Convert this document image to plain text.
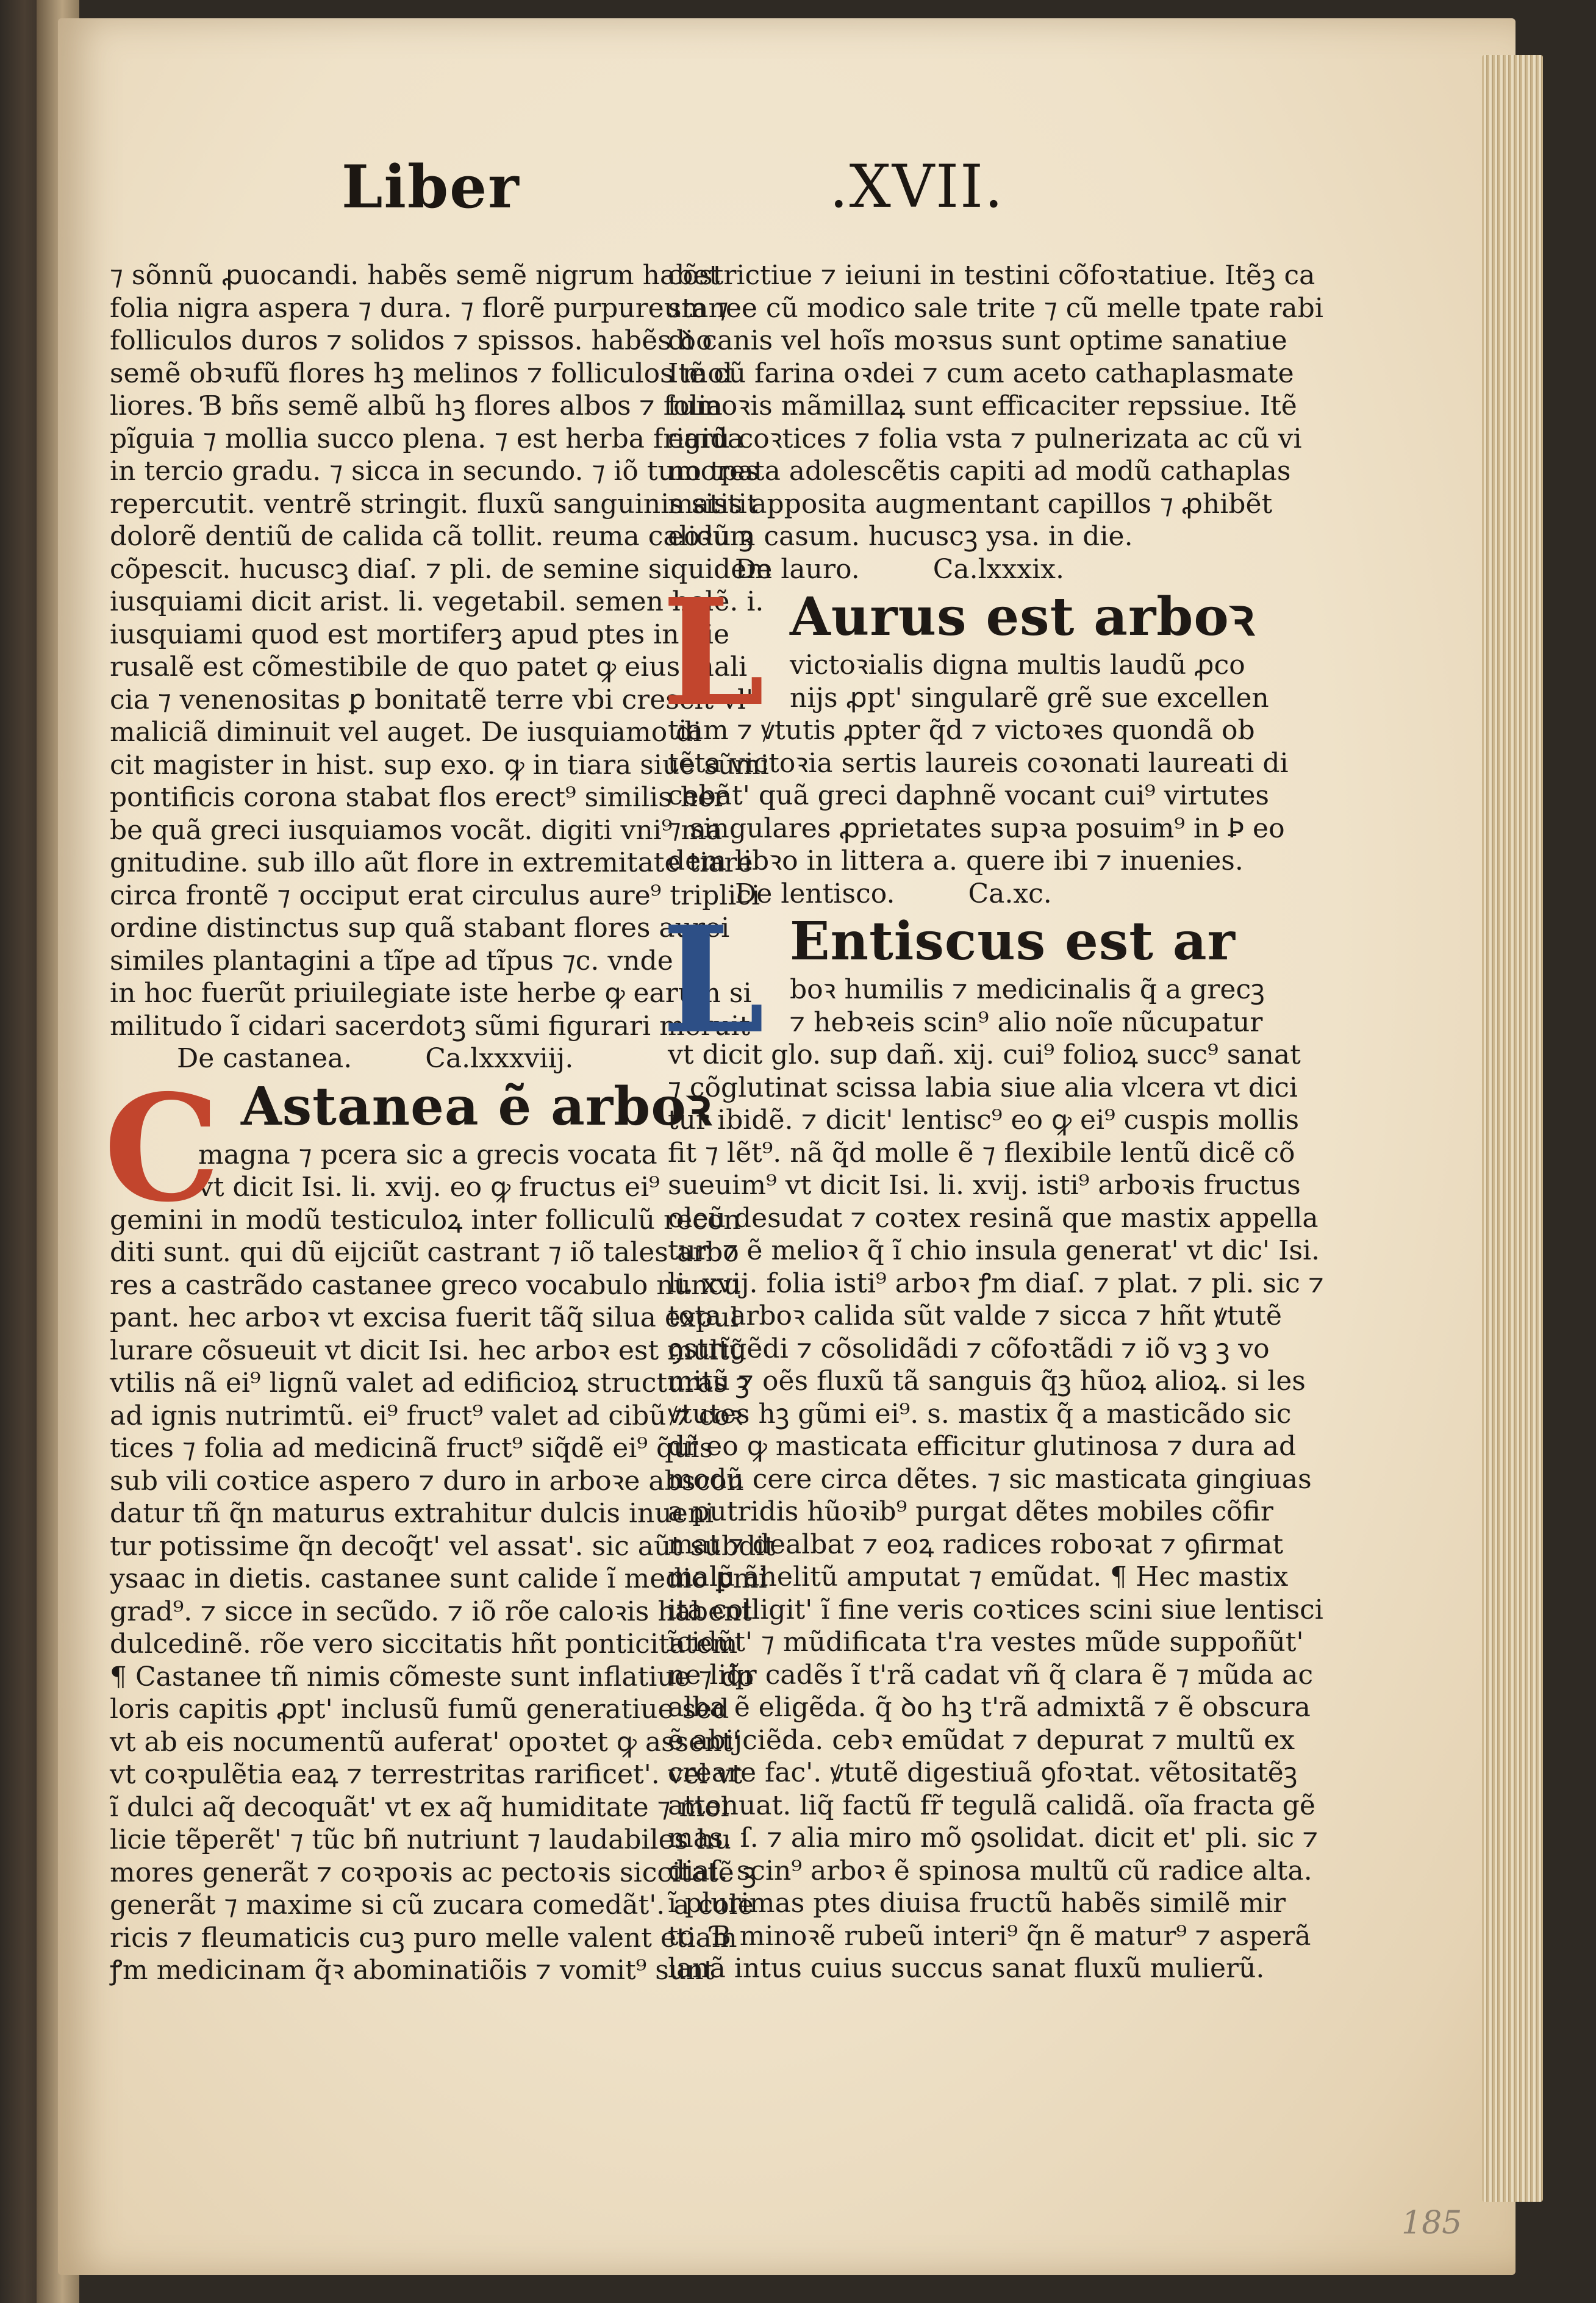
Liber	.XVII.
⁊ sõnnũ ꝓuocandi. habẽs semẽ nigrum habet
folia nigra aspera ⁊ dura. ⁊ florẽ purpureum ⁊
folliculos duros ⁊ solidos ⁊ spissos. habẽs ꝺo
semẽ obꝛufũ flores hꝫ melinos ⁊ folliculos mol
liores. Ɓ bñs semẽ albũ hꝫ flores albos ⁊ folia
pĩguia ⁊ mollia succo plena. ⁊ est herba frigida
in tercio gradu. ⁊ sicca in secundo. ⁊ iõ tumores
repercutit. ventrẽ stringit. fluxũ sanguinis sistit
dolorẽ dentiũ de calida cã tollit. reuma calidũ ꝫ
cõpescit. hucuscꝫ diaſ. ⁊ pli. de semine siquidem
iusquiami dicit arist. li. vegetabil. semen helẽ. i.
iusquiami quod est mortiferꝫ apud ptes in hie
rusalẽ est cõmestibile de quo patet ꝙ eius mali
cia ⁊ venenositas ꝑ bonitatẽ terre vbi crescit vl'
maliciã diminuit vel auget. De iusquiamo di
cit magister in hist. sup exo. ꝙ in tiara siue sũmi
pontificis corona stabat flos erect⁹ similis her
be quã greci iusquiamos vocãt. digiti vni⁹ ma
gnitudine. sub illo aũt flore in extremitate tiare
circa frontẽ ⁊ occiput erat circulus aure⁹ triplici
ordine distinctus sup quã stabant flores aurei
similes plantagini a tĩpe ad tĩpus ⁊c. vnde
in hoc fuerũt priuilegiate iste herbe ꝙ earum si
militudo ĩ cidari sacerdotꝫ sũmi figurari meruit
De castanea.	Ca.lxxxviij.
C Astanea ẽ arboꝛ
magna ⁊ pcera sic a grecis vocata
vt dicit Isi. li. xvij. eo ꝙ fructus ei⁹
gemini in modũ testiculoꝝ inter folliculũ recon
diti sunt. qui dũ eijciũt castrant ⁊ iõ tales arbo
res a castrãdo castanee greco vocabulo nuncu
pant. hec arboꝛ vt excisa fuerit tãq̃ silua expul
lurare cõsueuit vt dicit Isi. hec arboꝛ est multũ
vtilis nã ei⁹ lignũ valet ad edificioꝝ structuras ꝫ
ad ignis nutrimtũ. ei⁹ fruct⁹ valet ad cibũ ⁊ coꝛ
tices ⁊ folia ad medicinã fruct⁹ siq̃dẽ ei⁹ q̃uis
sub vili coꝛtice aspero ⁊ duro in arboꝛe abscon
datur tñ q̃n maturus extrahitur dulcis inueni
tur potissime q̃n decoq̃t' vel assat'. sic aũt subdit
ysaac in dietis. castanee sunt calide ĩ medio ꝑmi
grad⁹. ⁊ sicce in secũdo. ⁊ iõ rõe caloꝛis habent
dulcedinẽ. rõe vero siccitatis hñt ponticitatem
¶ Castanee tñ nimis cõmeste sunt inflatiue ⁊ do
loris capitis ꝓpt' inclusũ fumũ generatiue sed
vt ab eis nocumentũ auferat' opoꝛtet ꝙ assent'
vt coꝛpulẽtia eaꝝ ⁊ terrestritas rarificet'. vel vt
ĩ dulci aq̃ decoquãt' vt ex aq̃ humiditate ⁊ mol
licie tẽperẽt' ⁊ tũc bñ nutriunt ⁊ laudabiles hu
mores generãt ⁊ coꝛpoꝛis ac pectoꝛis siccitatẽ ꝫ
generãt ⁊ maxime si cũ zucara comedãt'. a cole
ricis ⁊ fleumaticis cuꝫ puro melle valent etiam
ꝭm medicinam q̃ꝛ abominatiõis ⁊ vomit⁹ sunt
cõstrictiue ⁊ ieiuni in testini cõfoꝛtatiue. Itẽꝫ ca
stanee cũ modico sale trite ⁊ cũ melle tpate rabi
di canis vel hoĩs moꝛsus sunt optime sanatiue
Itẽ cũ farina oꝛdei ⁊ cum aceto cathaplasmate
tumoꝛis mãmillaꝝ sunt efficaciter repssiue. Itẽ
earũ coꝛtices ⁊ folia vsta ⁊ pulnerizata ac cũ vi
no tpata adolescẽtis capiti ad modũ cathaplas
matis apposita augmentant capillos ⁊ ꝓhibẽt
eoꝛum casum. hucuscꝫ ysa. in die.
De lauro.	Ca.lxxxix.
L Aurus est arboꝛ
victoꝛialis digna multis laudũ ꝓco
nijs ꝓpt' singularẽ grẽ sue excellen
tiam ⁊ ꝟtutis ꝓpter q̃d ⁊ victoꝛes quondã ob
tẽta victoꝛia sertis laureis coꝛonati laureati di
cebãt' quã greci daphnẽ vocant cui⁹ virtutes
⁊ singulares ꝓprietates supꝛa posuim⁹ in Ꝧ eo
dem libꝛo in littera a. quere ibi ⁊ inuenies.
De lentisco.	Ca.xc.
L Entiscus est ar
boꝛ humilis ⁊ medicinalis q̃ a grecꝫ
⁊ hebꝛeis scin⁹ alio noĩe nũcupatur
vt dicit glo. sup dañ. xij. cui⁹ folioꝝ succ⁹ sanat
⁊ cõglutinat scissa labia siue alia vlcera vt dici
tur ibidẽ. ⁊ dicit' lentisc⁹ eo ꝙ ei⁹ cuspis mollis
fit ⁊ lẽt⁹. nã q̃d molle ẽ ⁊ flexibile lentũ dicẽ cõ
sueuim⁹ vt dicit Isi. li. xvij. isti⁹ arboꝛis fructus
oleũ desudat ⁊ coꝛtex resinã que mastix appella
tur. ⁊ ẽ melioꝛ q̃ ĩ chio insula generat' vt dic' Isi.
li. xvij. folia isti⁹ arboꝛ ꝭm diaſ. ⁊ plat. ⁊ pli. sic ⁊
tota arboꝛ calida sũt valde ⁊ sicca ⁊ hñt ꝟtutẽ
ꝯstrĩgẽdi ⁊ cõsolidãdi ⁊ cõfoꝛtãdi ⁊ iõ vꝫ ꝫ vo
mitũ ⁊ oẽs fluxũ tã sanguis q̃ꝫ hũoꝝ alioꝝ. si les
ꝟtutes hꝫ gũmi ei⁹. s. mastix q̃ a masticãdo sic
dr̃ eo ꝙ masticata efficitur glutinosa ⁊ dura ad
modũ cere circa dẽtes. ⁊ sic masticata gingiuas
a putridis hũoꝛib⁹ purgat dẽtes mobiles cõfir
mat ⁊ dealbat ⁊ eoꝝ radices roboꝛat ⁊ ꝯfirmat
malũ ãhelitũ amputat ⁊ emũdat. ¶ Hec mastix
ita colligit' ĩ fine veris coꝛtices scini siue lentisci
ĩcidũt' ⁊ mũdificata t'ra vestes mũde suppoñũt'
ne liq̃r cadẽs ĩ t'rã cadat vñ q̃ clara ẽ ⁊ mũda ac
alba ẽ eligẽda. q̃ ꝺo hꝫ t'rã admixtã ⁊ ẽ obscura
ẽ abijciẽda. cebꝛ emũdat ⁊ depurat ⁊ multũ ex
creare fac'. ꝟtutẽ digestiuã ꝯfoꝛtat. vẽtositatẽꝫ
attenuat. liq̃ factũ fr̃ tegulã calidã. oĩa fracta gẽ
mas. ſ. ⁊ alia miro mõ ꝯsolidat. dicit et' pli. sic ⁊
diaſ. scin⁹ arboꝛ ẽ spinosa multũ cũ radice alta.
ĩ plurimas ptes diuisa fructũ habẽs similẽ mir
to. Ɓ minoꝛẽ rubeũ interi⁹ q̃n ẽ matur⁹ ⁊ asperã
lanã intus cuius succus sanat fluxũ mulierũ.
185
